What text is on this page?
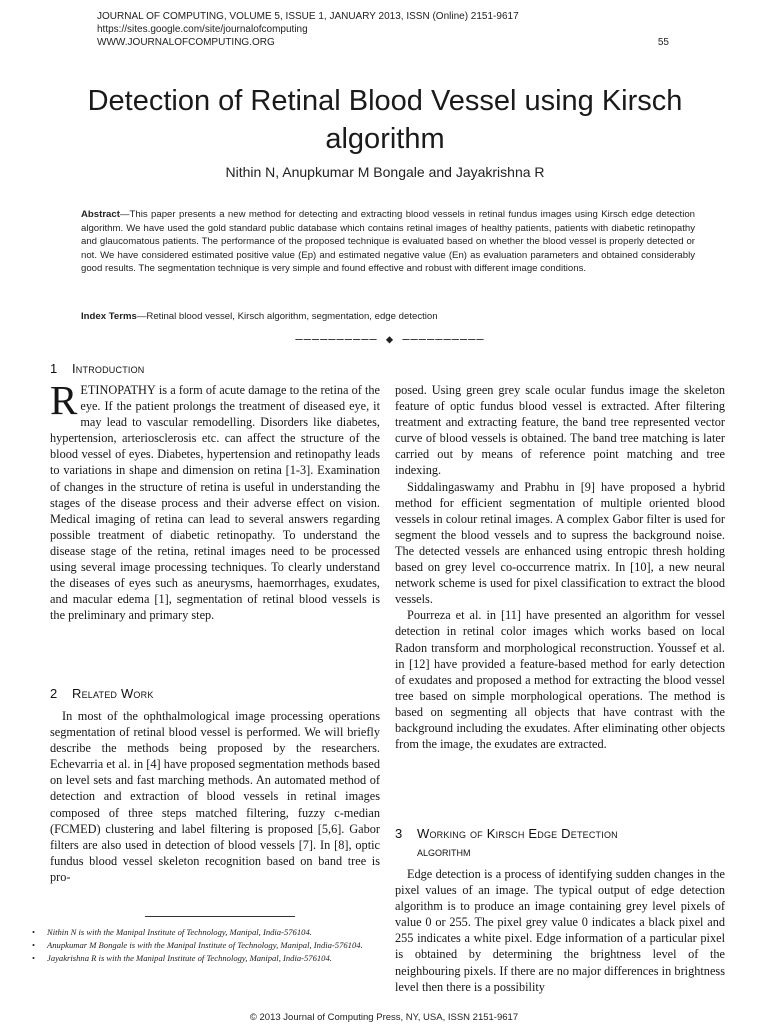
JOURNAL OF COMPUTING, VOLUME 5, ISSUE 1, JANUARY 2013, ISSN (Online) 2151-9617
https://sites.google.com/site/journalofcomputing
WWW.JOURNALOFCOMPUTING.ORG	55
Detection of Retinal Blood Vessel using Kirsch algorithm
Nithin N, Anupkumar M Bongale and Jayakrishna R
Abstract—This paper presents a new method for detecting and extracting blood vessels in retinal fundus images using Kirsch edge detection algorithm. We have used the gold standard public database which contains retinal images of healthy patients, patients with diabetic retinopathy and glaucomatous patients. The performance of the proposed technique is evaluated based on whether the blood vessel is properly detected or not. We have considered estimated positive value (Ep) and estimated negative value (En) as evaluation parameters and obtained considerably good results. The segmentation technique is very simple and found effective and robust with different image conditions.
Index Terms—Retinal blood vessel, Kirsch algorithm, segmentation, edge detection
—————————— ◆ ——————————
1 Introduction

RETINOPATHY is a form of acute damage to the retina of the eye. If the patient prolongs the treatment of diseased eye, it may lead to vascular remodelling. Disorders like diabetes, hypertension, arteriosclerosis etc. can affect the structure of the blood vessel of eyes. Diabetes, hypertension and retinopathy leads to variations in shape and dimension on retina [1-3]. Examination of changes in the structure of retina is useful in understanding the stages of the disease process and their adverse effect on vision. Medical imaging of retina can lead to several answers regarding possible treatment of diabetic retinopathy. To understand the disease stage of the retina, retinal images need to be processed using several image processing techniques. To clearly understand the diseases of eyes such as aneurysms, haemorrhages, exudates, and macular edema [1], segmentation of retinal blood vessels is the preliminary and primary step.

2 Related Work

In most of the ophthalmological image processing operations segmentation of retinal blood vessel is performed. We will briefly describe the methods being proposed by the researchers. Echevarria et al. in [4] have proposed segmentation methods based on level sets and fast marching methods. An automated method of detection and extraction of blood vessels in retinal images composed of three steps matched filtering, fuzzy c-median (FCMED) clustering and label filtering is proposed [5,6]. Gabor filters are also used in detection of blood vessels [7]. In [8], optic fundus blood vessel skeleton recognition based on band tree is pro-

posed. Using green grey scale ocular fundus image the skeleton feature of optic fundus blood vessel is extracted. After filtering treatment and extracting feature, the band tree represented vector curve of blood vessels is obtained. The band tree matching is later carried out by means of reference point matching and tree indexing.

Siddalingaswamy and Prabhu in [9] have proposed a hybrid method for efficient segmentation of multiple oriented blood vessels in colour retinal images. A complex Gabor filter is used for segment the blood vessels and to supress the background noise. The detected vessels are enhanced using entropic thresh holding based on grey level co-occurrence matrix. In [10], a new neural network scheme is used for pixel classification to extract the blood vessels.

Pourreza et al. in [11] have presented an algorithm for vessel detection in retinal color images which works based on local Radon transform and morphological reconstruction. Youssef et al. in [12] have provided a feature-based method for early detection of exudates and proposed a method for extracting the blood vessel tree based on simple morphological operations. The method is based on segmenting all objects that have contrast with the background including the exudates. After eliminating other objects from the image, the exudates are extracted.

3 Working of Kirsch Edge Detection
algorithm

Edge detection is a process of identifying sudden changes in the pixel values of an image. The typical output of edge detection algorithm is to produce an image containing grey level pixels of value 0 or 255. The pixel grey value 0 indicates a black pixel and 255 indicates a white pixel. Edge information of a particular pixel is obtained by determining the brightness level of the neighbouring pixels. If there are no major differences in brightness level then there is a possibility

• Nithin N is with the Manipal Institute of Technology, Manipal, India-576104.
• Anupkumar M Bongale is with the Manipal Institute of Technology, Manipal, India-576104.
• Jayakrishna R is with the Manipal Institute of Technology, Manipal, India-576104.
© 2013 Journal of Computing Press, NY, USA, ISSN 2151-9617
